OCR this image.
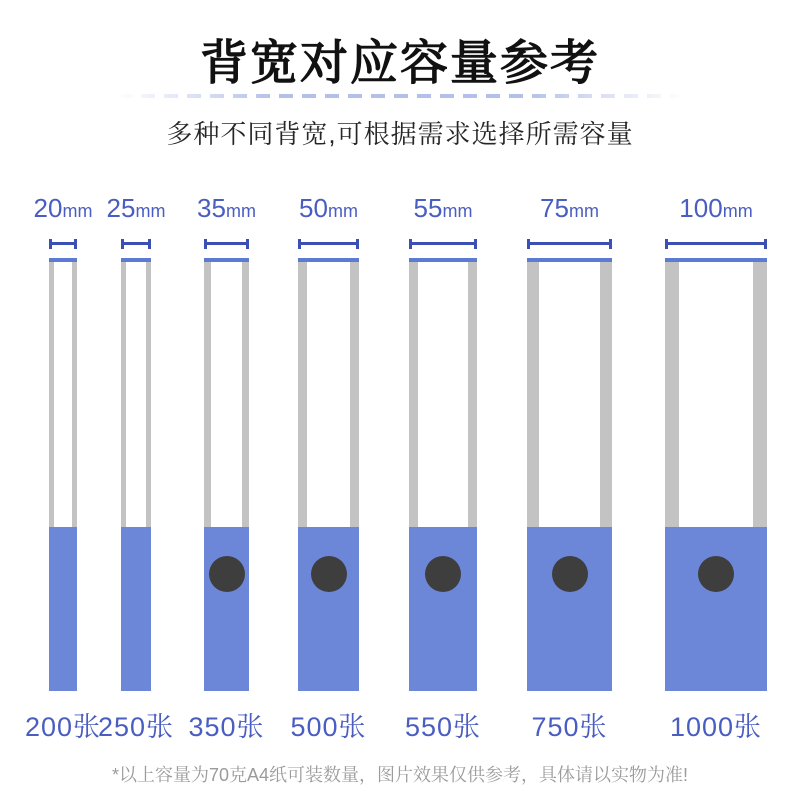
背宽对应容量参考
多种不同背宽,可根据需求选择所需容量
20mm
200张
25mm
250张
35mm
350张
50mm
500张
55mm
550张
75mm
750张
100mm
1000张
*以上容量为70克A4纸可装数量，图片效果仅供参考，具体请以实物为准!
